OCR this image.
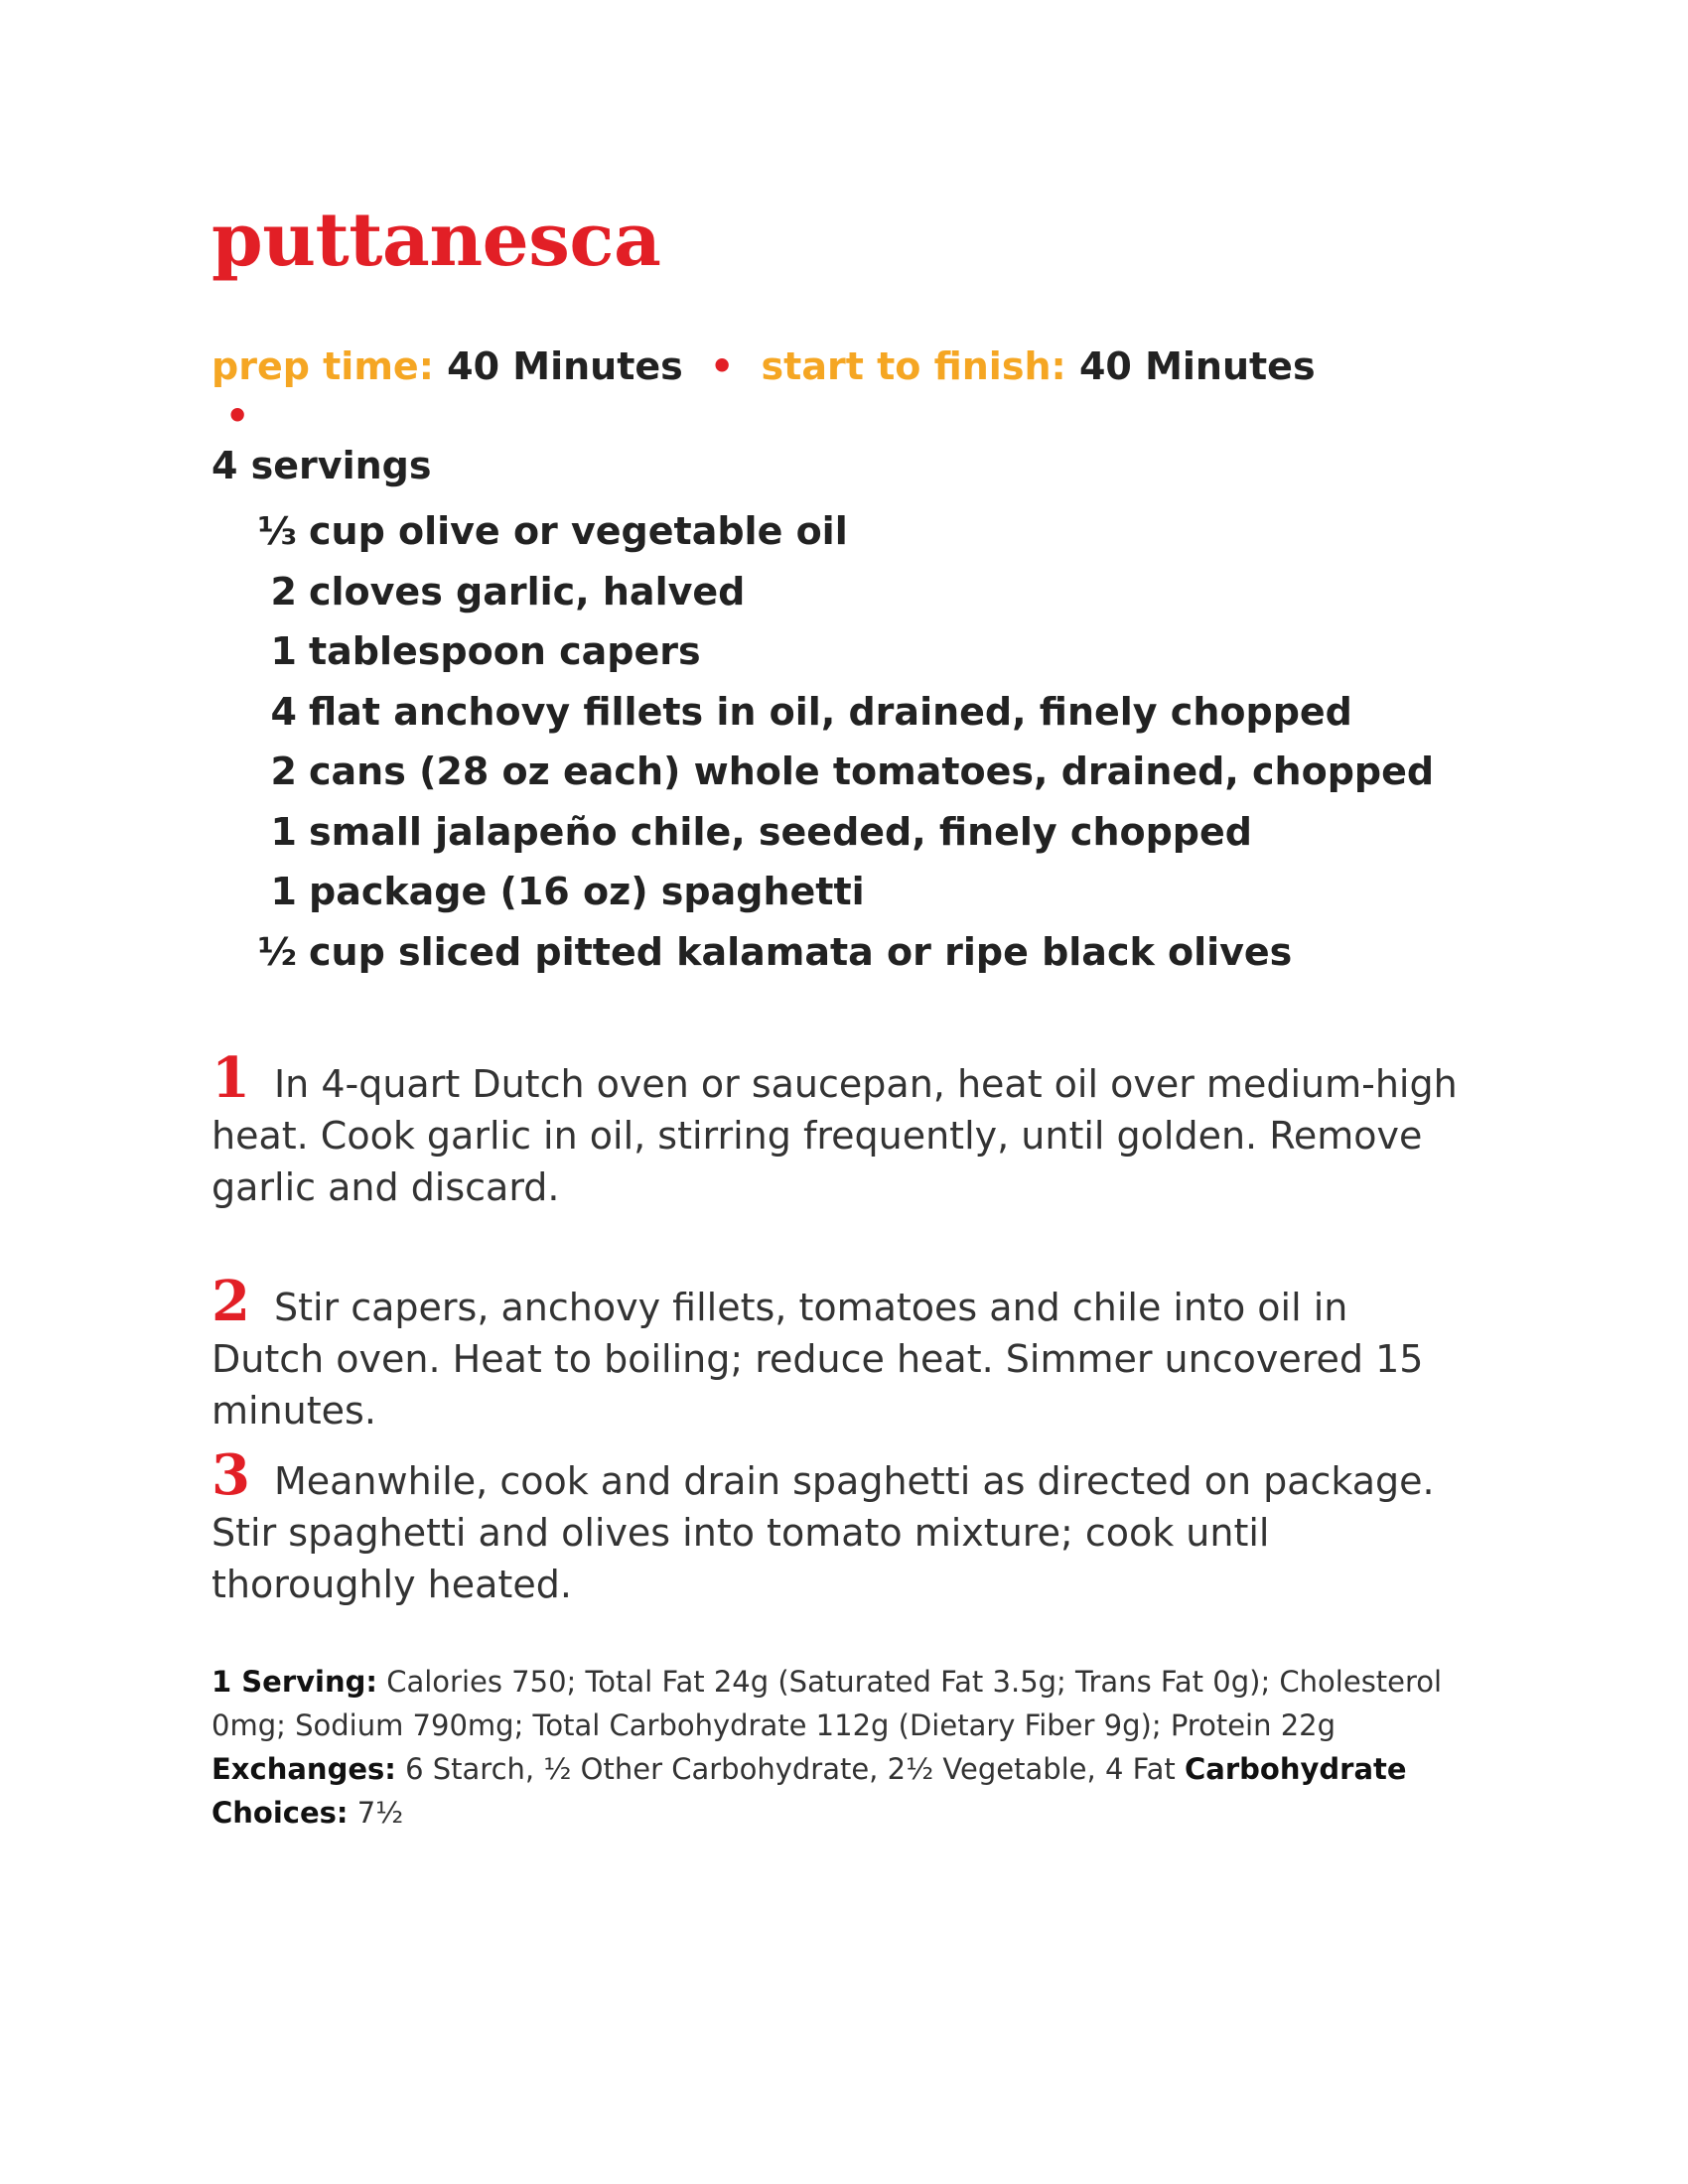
puttanesca
prep time: 40 Minutes • start to finish: 40 Minutes •
4 servings
⅓ cup olive or vegetable oil
2 cloves garlic, halved
1 tablespoon capers
4 flat anchovy fillets in oil, drained, finely chopped
2 cans (28 oz each) whole tomatoes, drained, chopped
1 small jalapeño chile, seeded, finely chopped
1 package (16 oz) spaghetti
½ cup sliced pitted kalamata or ripe black olives

1 In 4-quart Dutch oven or saucepan, heat oil over medium-high heat. Cook garlic in oil, stirring frequently, until golden. Remove garlic and discard.

2 Stir capers, anchovy fillets, tomatoes and chile into oil in Dutch oven. Heat to boiling; reduce heat. Simmer uncovered 15 minutes.

3 Meanwhile, cook and drain spaghetti as directed on package. Stir spaghetti and olives into tomato mixture; cook until thoroughly heated.

1 Serving: Calories 750; Total Fat 24g (Saturated Fat 3.5g; Trans Fat 0g); Cholesterol 0mg; Sodium 790mg; Total Carbohydrate 112g (Dietary Fiber 9g); Protein 22g Exchanges: 6 Starch, ½ Other Carbohydrate, 2½ Vegetable, 4 Fat Carbohydrate Choices: 7½
